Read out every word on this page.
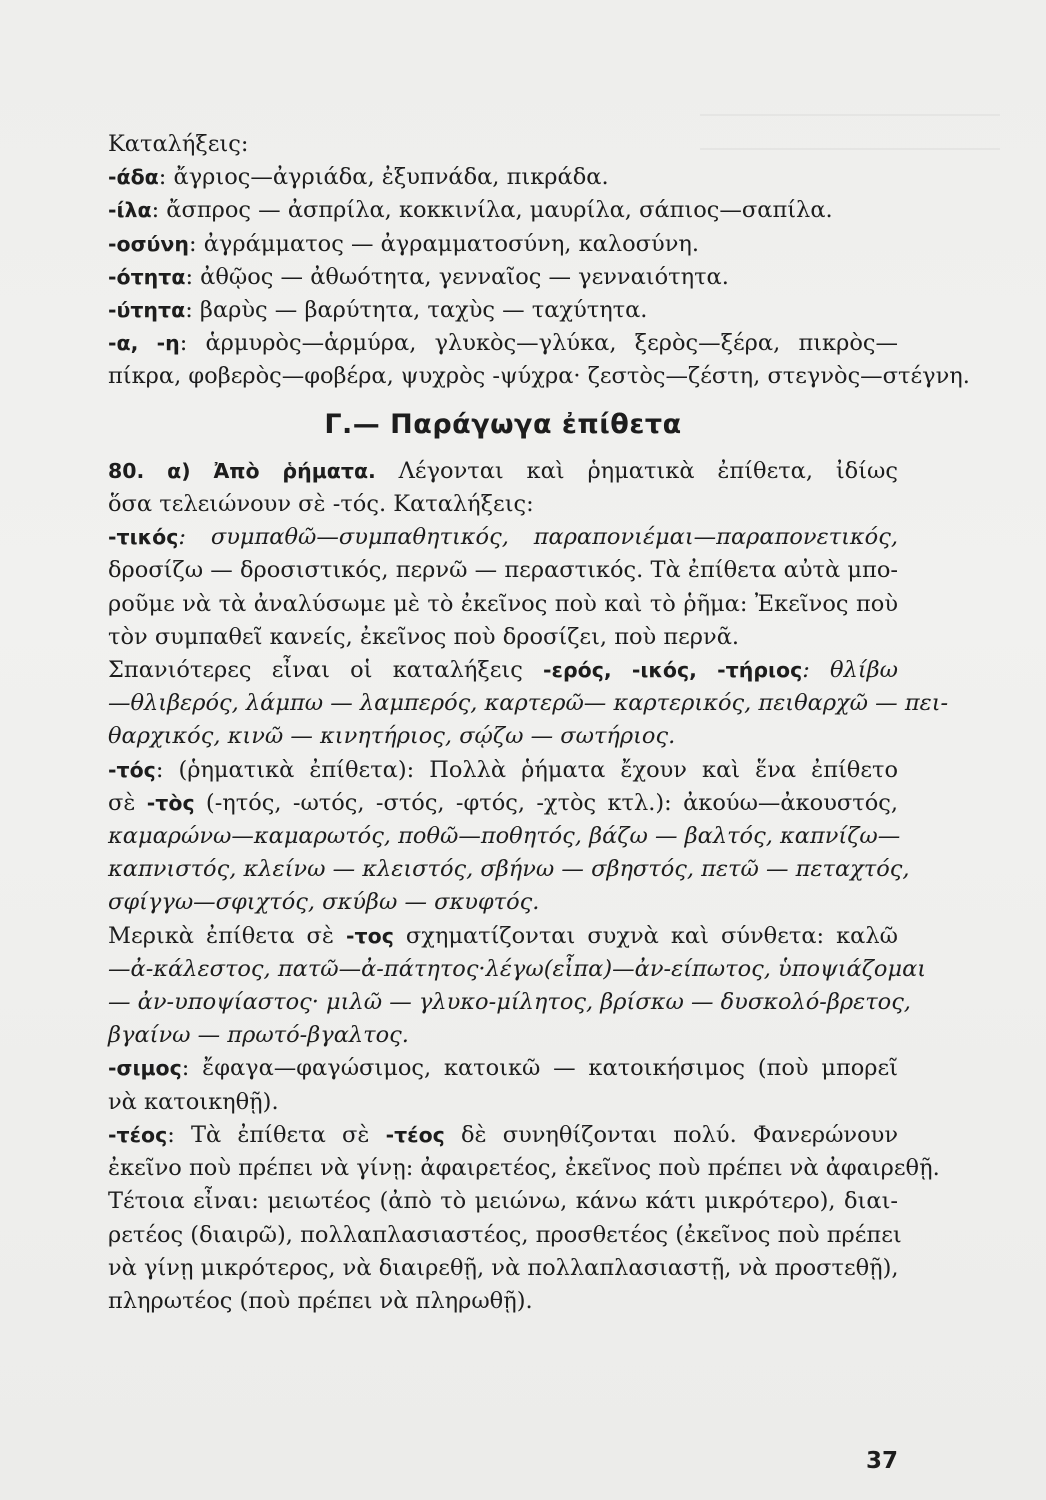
Καταλήξεις:
-άδα: ἄγριος—ἀγριάδα, ἐξυπνάδα, πικράδα.
-ίλα: ἄσπρος — ἀσπρίλα, κοκκινίλα, μαυρίλα, σάπιος—σαπίλα.
-οσύνη: ἀγράμματος — ἀγραμματοσύνη, καλοσύνη.
-ότητα: ἀθῷος — ἀθωότητα, γενναῖος — γενναιότητα.
-ύτητα: βαρὺς — βαρύτητα, ταχὺς — ταχύτητα.
-α, -η: ἁρμυρὸς—ἁρμύρα, γλυκὸς—γλύκα, ξερὸς—ξέρα, πικρὸς—
πίκρα, φοβερὸς—φοβέρα, ψυχρὸς -ψύχρα· ζεστὸς—ζέστη, στεγνὸς—στέγνη.
Γ.— Παράγωγα ἐπίθετα
80. α) Ἀπὸ ῥήματα. Λέγονται καὶ ῥηματικὰ ἐπίθετα, ἰδίως
ὅσα τελειώνουν σὲ -τός. Καταλήξεις:
-τικός: συμπαθῶ—συμπαθητικός, παραπονιέμαι—παραπονετικός,
δροσίζω — δροσιστικός, περνῶ — περαστικός. Τὰ ἐπίθετα αὐτὰ μπο-
ροῦμε νὰ τὰ ἀναλύσωμε μὲ τὸ ἐκεῖνος ποὺ καὶ τὸ ῥῆμα: Ἐκεῖνος ποὺ
τὸν συμπαθεῖ κανείς, ἐκεῖνος ποὺ δροσίζει, ποὺ περνᾶ.
Σπανιότερες εἶναι οἱ καταλήξεις -ερός, -ικός, -τήριος: θλίβω
—θλιβερός, λάμπω — λαμπερός, καρτερῶ— καρτερικός, πειθαρχῶ — πει-
θαρχικός, κινῶ — κινητήριος, σῴζω — σωτήριος.
-τός: (ῥηματικὰ ἐπίθετα): Πολλὰ ῥήματα ἔχουν καὶ ἕνα ἐπίθετο
σὲ -τὸς (-ητός, -ωτός, -στός, -φτός, -χτὸς κτλ.): ἀκούω—ἀκουστός,
καμαρώνω—καμαρωτός, ποθῶ—ποθητός, βάζω — βαλτός, καπνίζω—
καπνιστός, κλείνω — κλειστός, σβήνω — σβηστός, πετῶ — πεταχτός,
σφίγγω—σφιχτός, σκύβω — σκυφτός.
Μερικὰ ἐπίθετα σὲ -τος σχηματίζονται συχνὰ καὶ σύνθετα: καλῶ
—ἀ-κάλεστος, πατῶ—ἀ-πάτητος·λέγω(εἶπα)—ἀν-είπωτος, ὑποψιάζομαι
— ἀν-υποψίαστος· μιλῶ — γλυκο-μίλητος, βρίσκω — δυσκολό-βρετος,
βγαίνω — πρωτό-βγαλτος.
-σιμος: ἔφαγα—φαγώσιμος, κατοικῶ — κατοικήσιμος (ποὺ μπορεῖ
νὰ κατοικηθῇ).
-τέος: Τὰ ἐπίθετα σὲ -τέος δὲ συνηθίζονται πολύ. Φανερώνουν
ἐκεῖνο ποὺ πρέπει νὰ γίνῃ: ἀφαιρετέος, ἐκεῖνος ποὺ πρέπει νὰ ἀφαιρεθῇ.
Τέτοια εἶναι: μειωτέος (ἀπὸ τὸ μειώνω, κάνω κάτι μικρότερο), διαι-
ρετέος (διαιρῶ), πολλαπλασιαστέος, προσθετέος (ἐκεῖνος ποὺ πρέπει
νὰ γίνῃ μικρότερος, νὰ διαιρεθῇ, νὰ πολλαπλασιαστῇ, νὰ προστεθῇ),
πληρωτέος (ποὺ πρέπει νὰ πληρωθῇ).
37
